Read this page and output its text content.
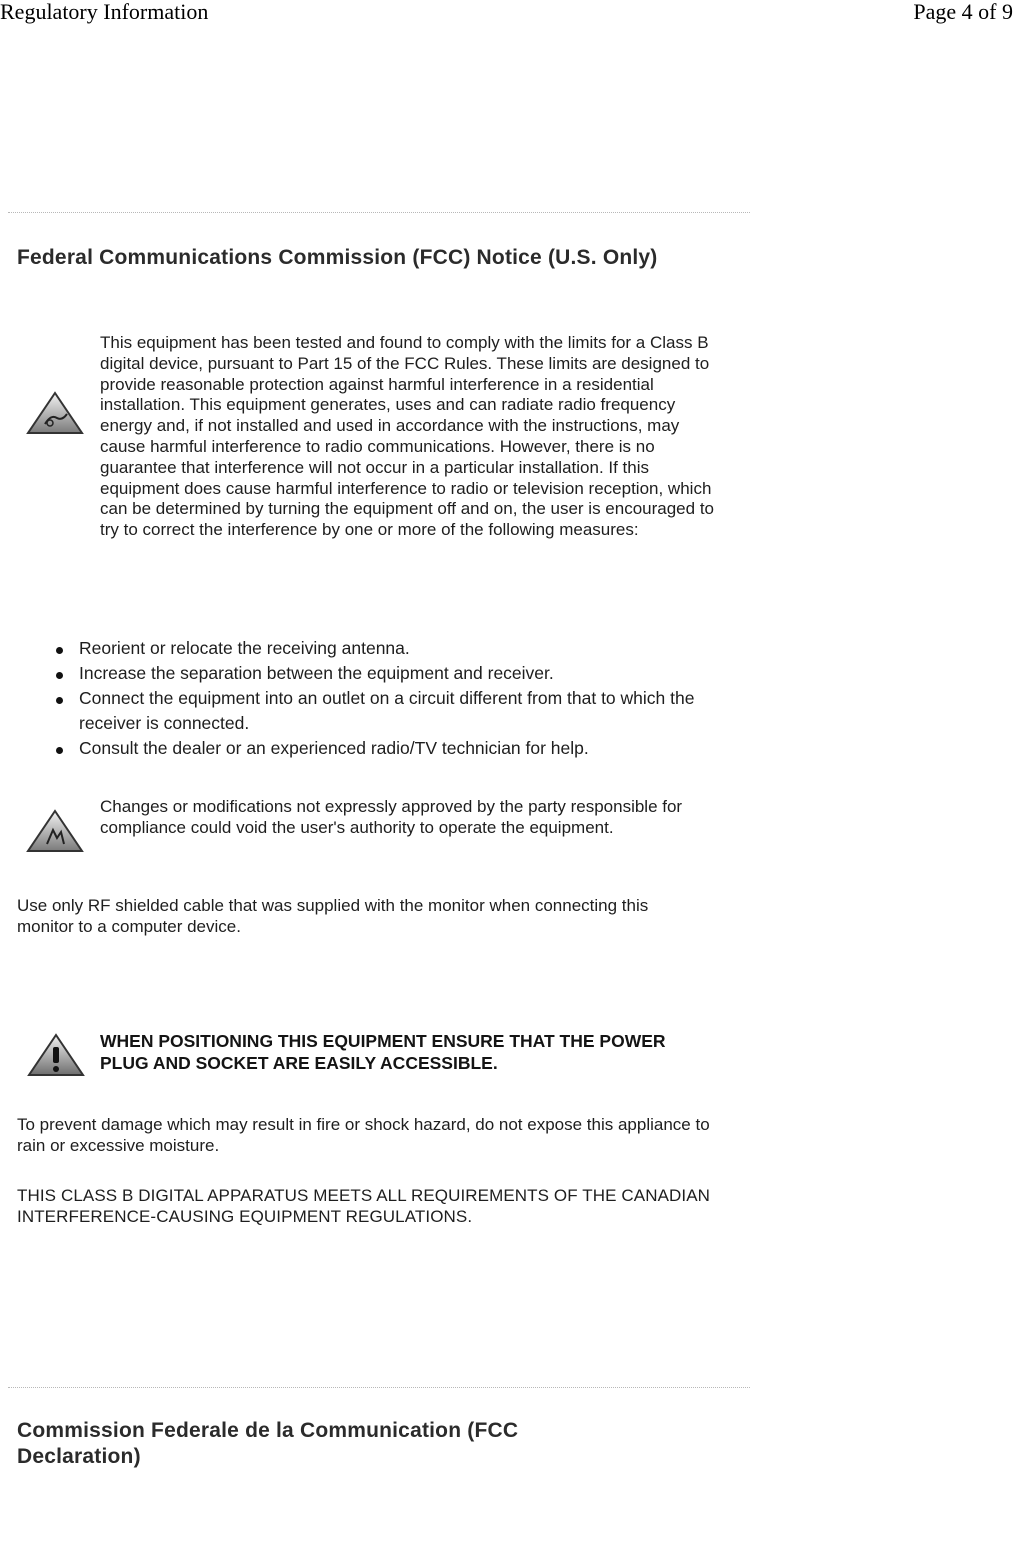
Regulatory Information	Page 4 of 9
Federal Communications Commission (FCC) Notice (U.S. Only)
This equipment has been tested and found to comply with the limits for a Class B digital device, pursuant to Part 15 of the FCC Rules. These limits are designed to provide reasonable protection against harmful interference in a residential installation. This equipment generates, uses and can radiate radio frequency energy and, if not installed and used in accordance with the instructions, may cause harmful interference to radio communications. However, there is no guarantee that interference will not occur in a particular installation. If this equipment does cause harmful interference to radio or television reception, which can be determined by turning the equipment off and on, the user is encouraged to try to correct the interference by one or more of the following measures:
Reorient or relocate the receiving antenna.
Increase the separation between the equipment and receiver.
Connect the equipment into an outlet on a circuit different from that to which the receiver is connected.
Consult the dealer or an experienced radio/TV technician for help.
Changes or modifications not expressly approved by the party responsible for compliance could void the user's authority to operate the equipment.
Use only RF shielded cable that was supplied with the monitor when connecting this monitor to a computer device.
WHEN POSITIONING THIS EQUIPMENT ENSURE THAT THE POWER PLUG AND SOCKET ARE EASILY ACCESSIBLE.
To prevent damage which may result in fire or shock hazard, do not expose this appliance to rain or excessive moisture.
THIS CLASS B DIGITAL APPARATUS MEETS ALL REQUIREMENTS OF THE CANADIAN INTERFERENCE-CAUSING EQUIPMENT REGULATIONS.
Commission Federale de la Communication (FCC Declaration)
